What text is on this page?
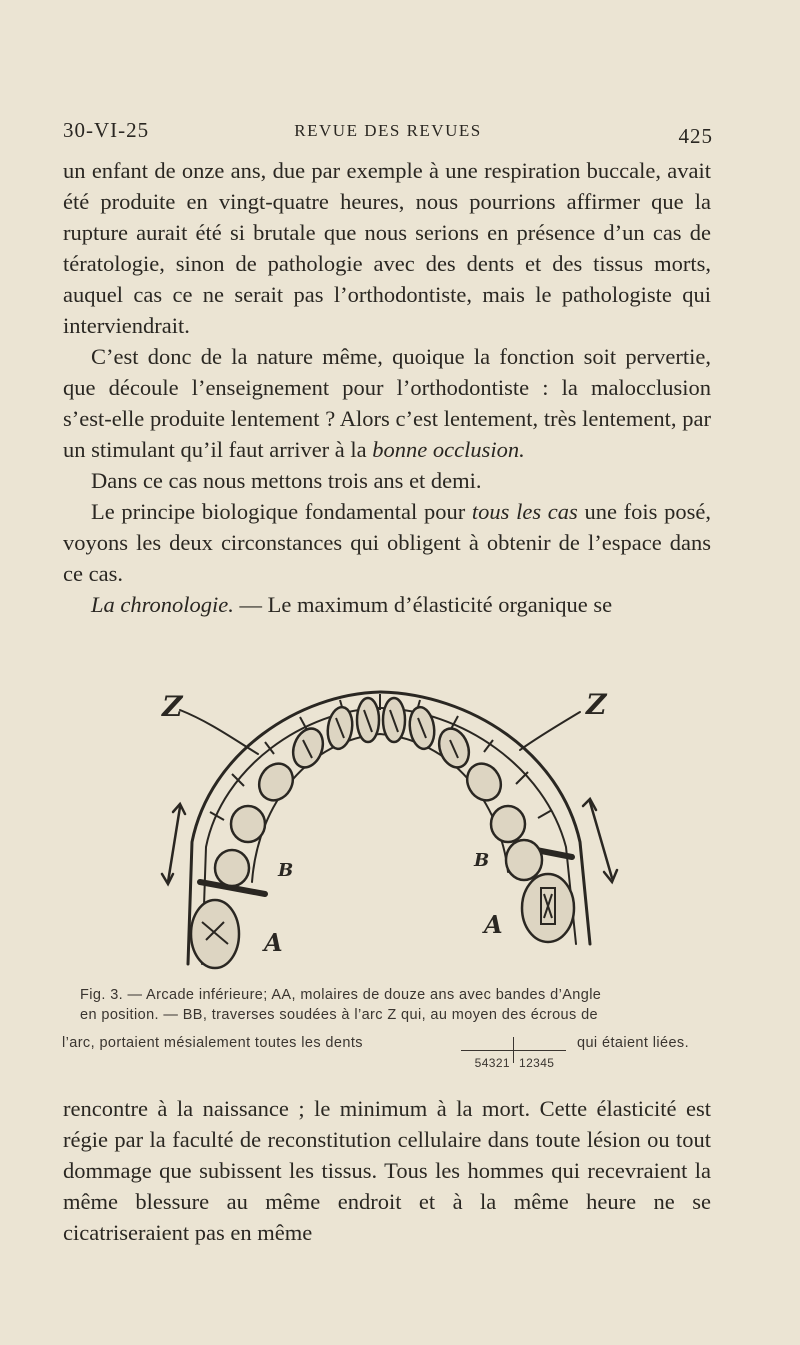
30-VI-25	REVUE DES REVUES	425

un enfant de onze ans, due par exemple à une respiration buccale, avait été produite en vingt-quatre heures, nous pourrions affirmer que la rupture aurait été si brutale que nous serions en présence d’un cas de tératologie, sinon de pathologie avec des dents et des tissus morts, auquel cas ce ne serait pas l’orthodontiste, mais le pathologiste qui interviendrait.

C’est donc de la nature même, quoique la fonction soit pervertie, que découle l’enseignement pour l’orthodontiste : la malocclusion s’est-elle produite lentement ? Alors c’est lentement, très lentement, par un stimulant qu’il faut arriver à la bonne occlusion.

Dans ce cas nous mettons trois ans et demi.

Le principe biologique fondamental pour tous les cas une fois posé, voyons les deux circonstances qui obligent à obtenir de l’espace dans ce cas.

La chronologie. — Le maximum d’élasticité organique se

Z	Z
B	B
A
A
Fig. 3. — Arcade inférieure; AA, molaires de douze ans avec bandes d’Angle
en position. — BB, traverses soudées à l’arc Z qui, au moyen des écrous de
l’arc, portaient mésialement toutes les dents
54321 12345
qui étaient liées.

rencontre à la naissance ; le minimum à la mort. Cette élasticité est régie par la faculté de reconstitution cellulaire dans toute lésion ou tout dommage que subissent les tissus. Tous les hommes qui recevraient la même blessure au même endroit et à la même heure ne se cicatriseraient pas en même
